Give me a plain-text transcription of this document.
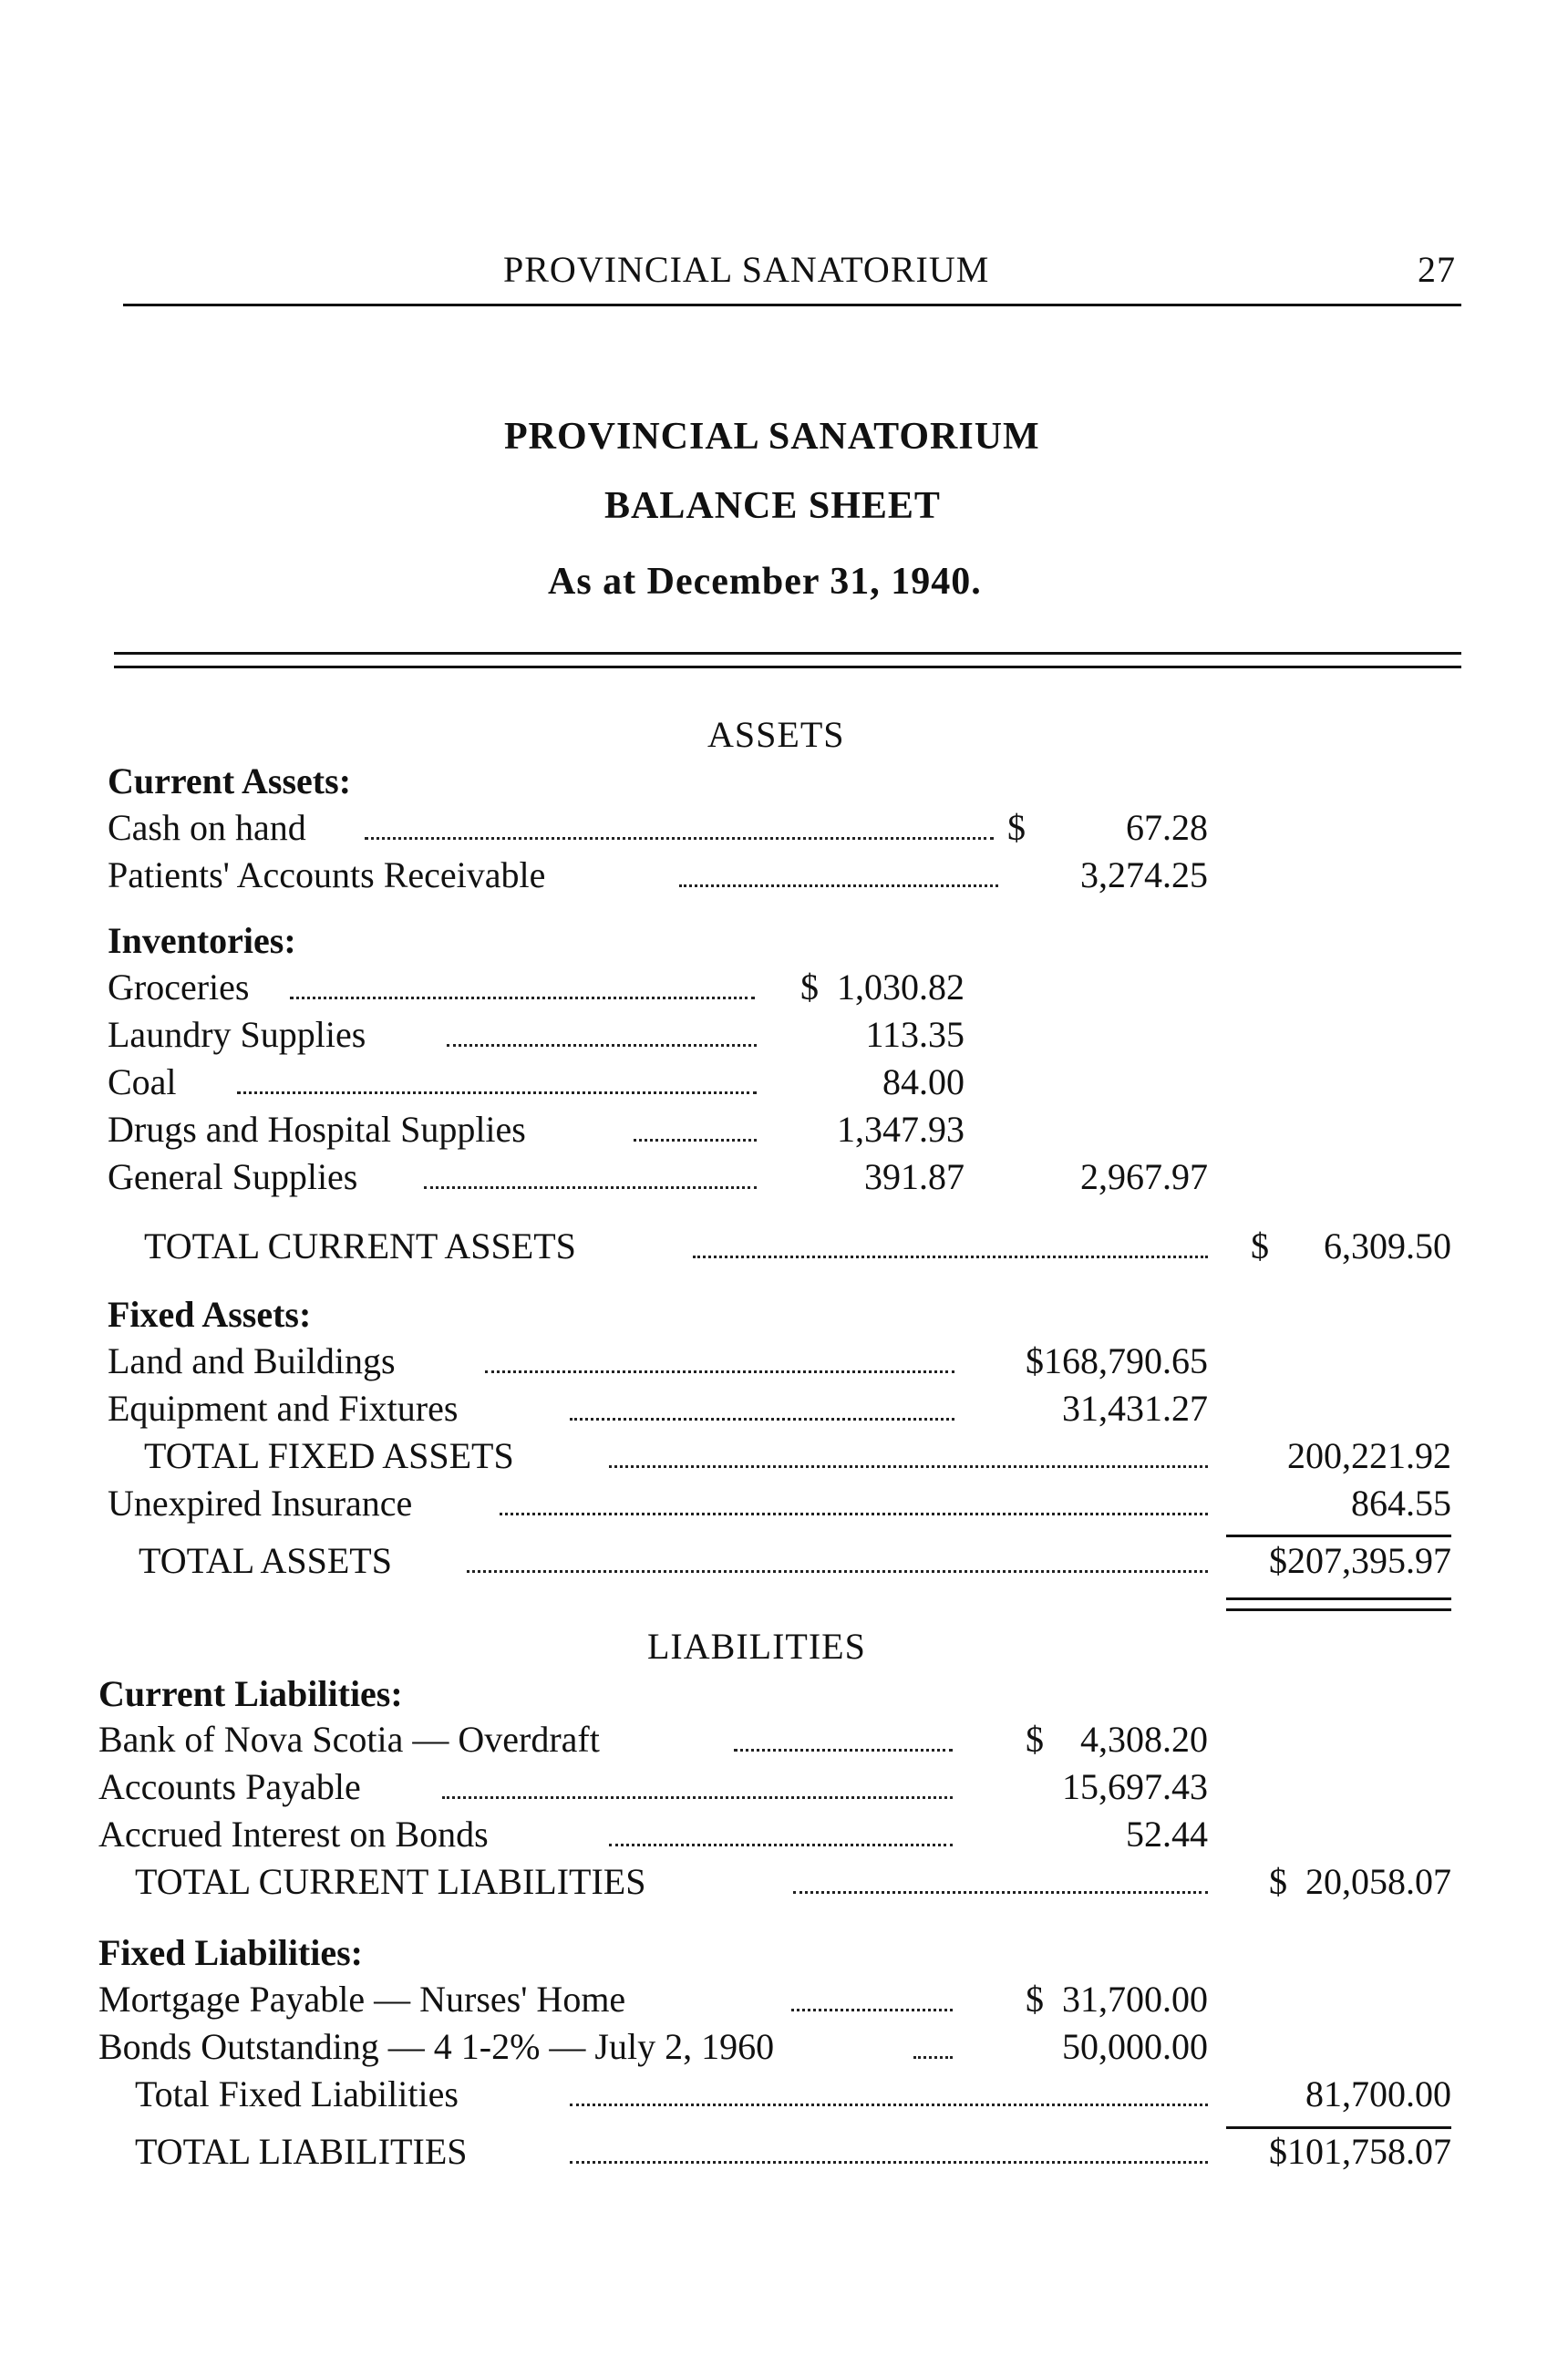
PROVINCIAL SANATORIUM	27
PROVINCIAL SANATORIUM
BALANCE SHEET
As at December 31, 1940.
ASSETS
Current Assets:
Cash on hand	$           67.28
Patients' Accounts Receivable	3,274.25
Inventories:
Groceries	$  1,030.82
Laundry Supplies	113.35
Coal	84.00
Drugs and Hospital Supplies	1,347.93
General Supplies	391.87	2,967.97
TOTAL CURRENT ASSETS	$      6,309.50
Fixed Assets:
Land and Buildings	$168,790.65
Equipment and Fixtures	31,431.27
TOTAL FIXED ASSETS	200,221.92
Unexpired Insurance	864.55
TOTAL ASSETS	$207,395.97
LIABILITIES
Current Liabilities:
Bank of Nova Scotia — Overdraft	$    4,308.20
Accounts Payable	15,697.43
Accrued Interest on Bonds	52.44
TOTAL CURRENT LIABILITIES	$  20,058.07
Fixed Liabilities:
Mortgage Payable — Nurses' Home	$  31,700.00
Bonds Outstanding — 4 1-2% — July 2, 1960	50,000.00
Total Fixed Liabilities	81,700.00
TOTAL LIABILITIES	$101,758.07
